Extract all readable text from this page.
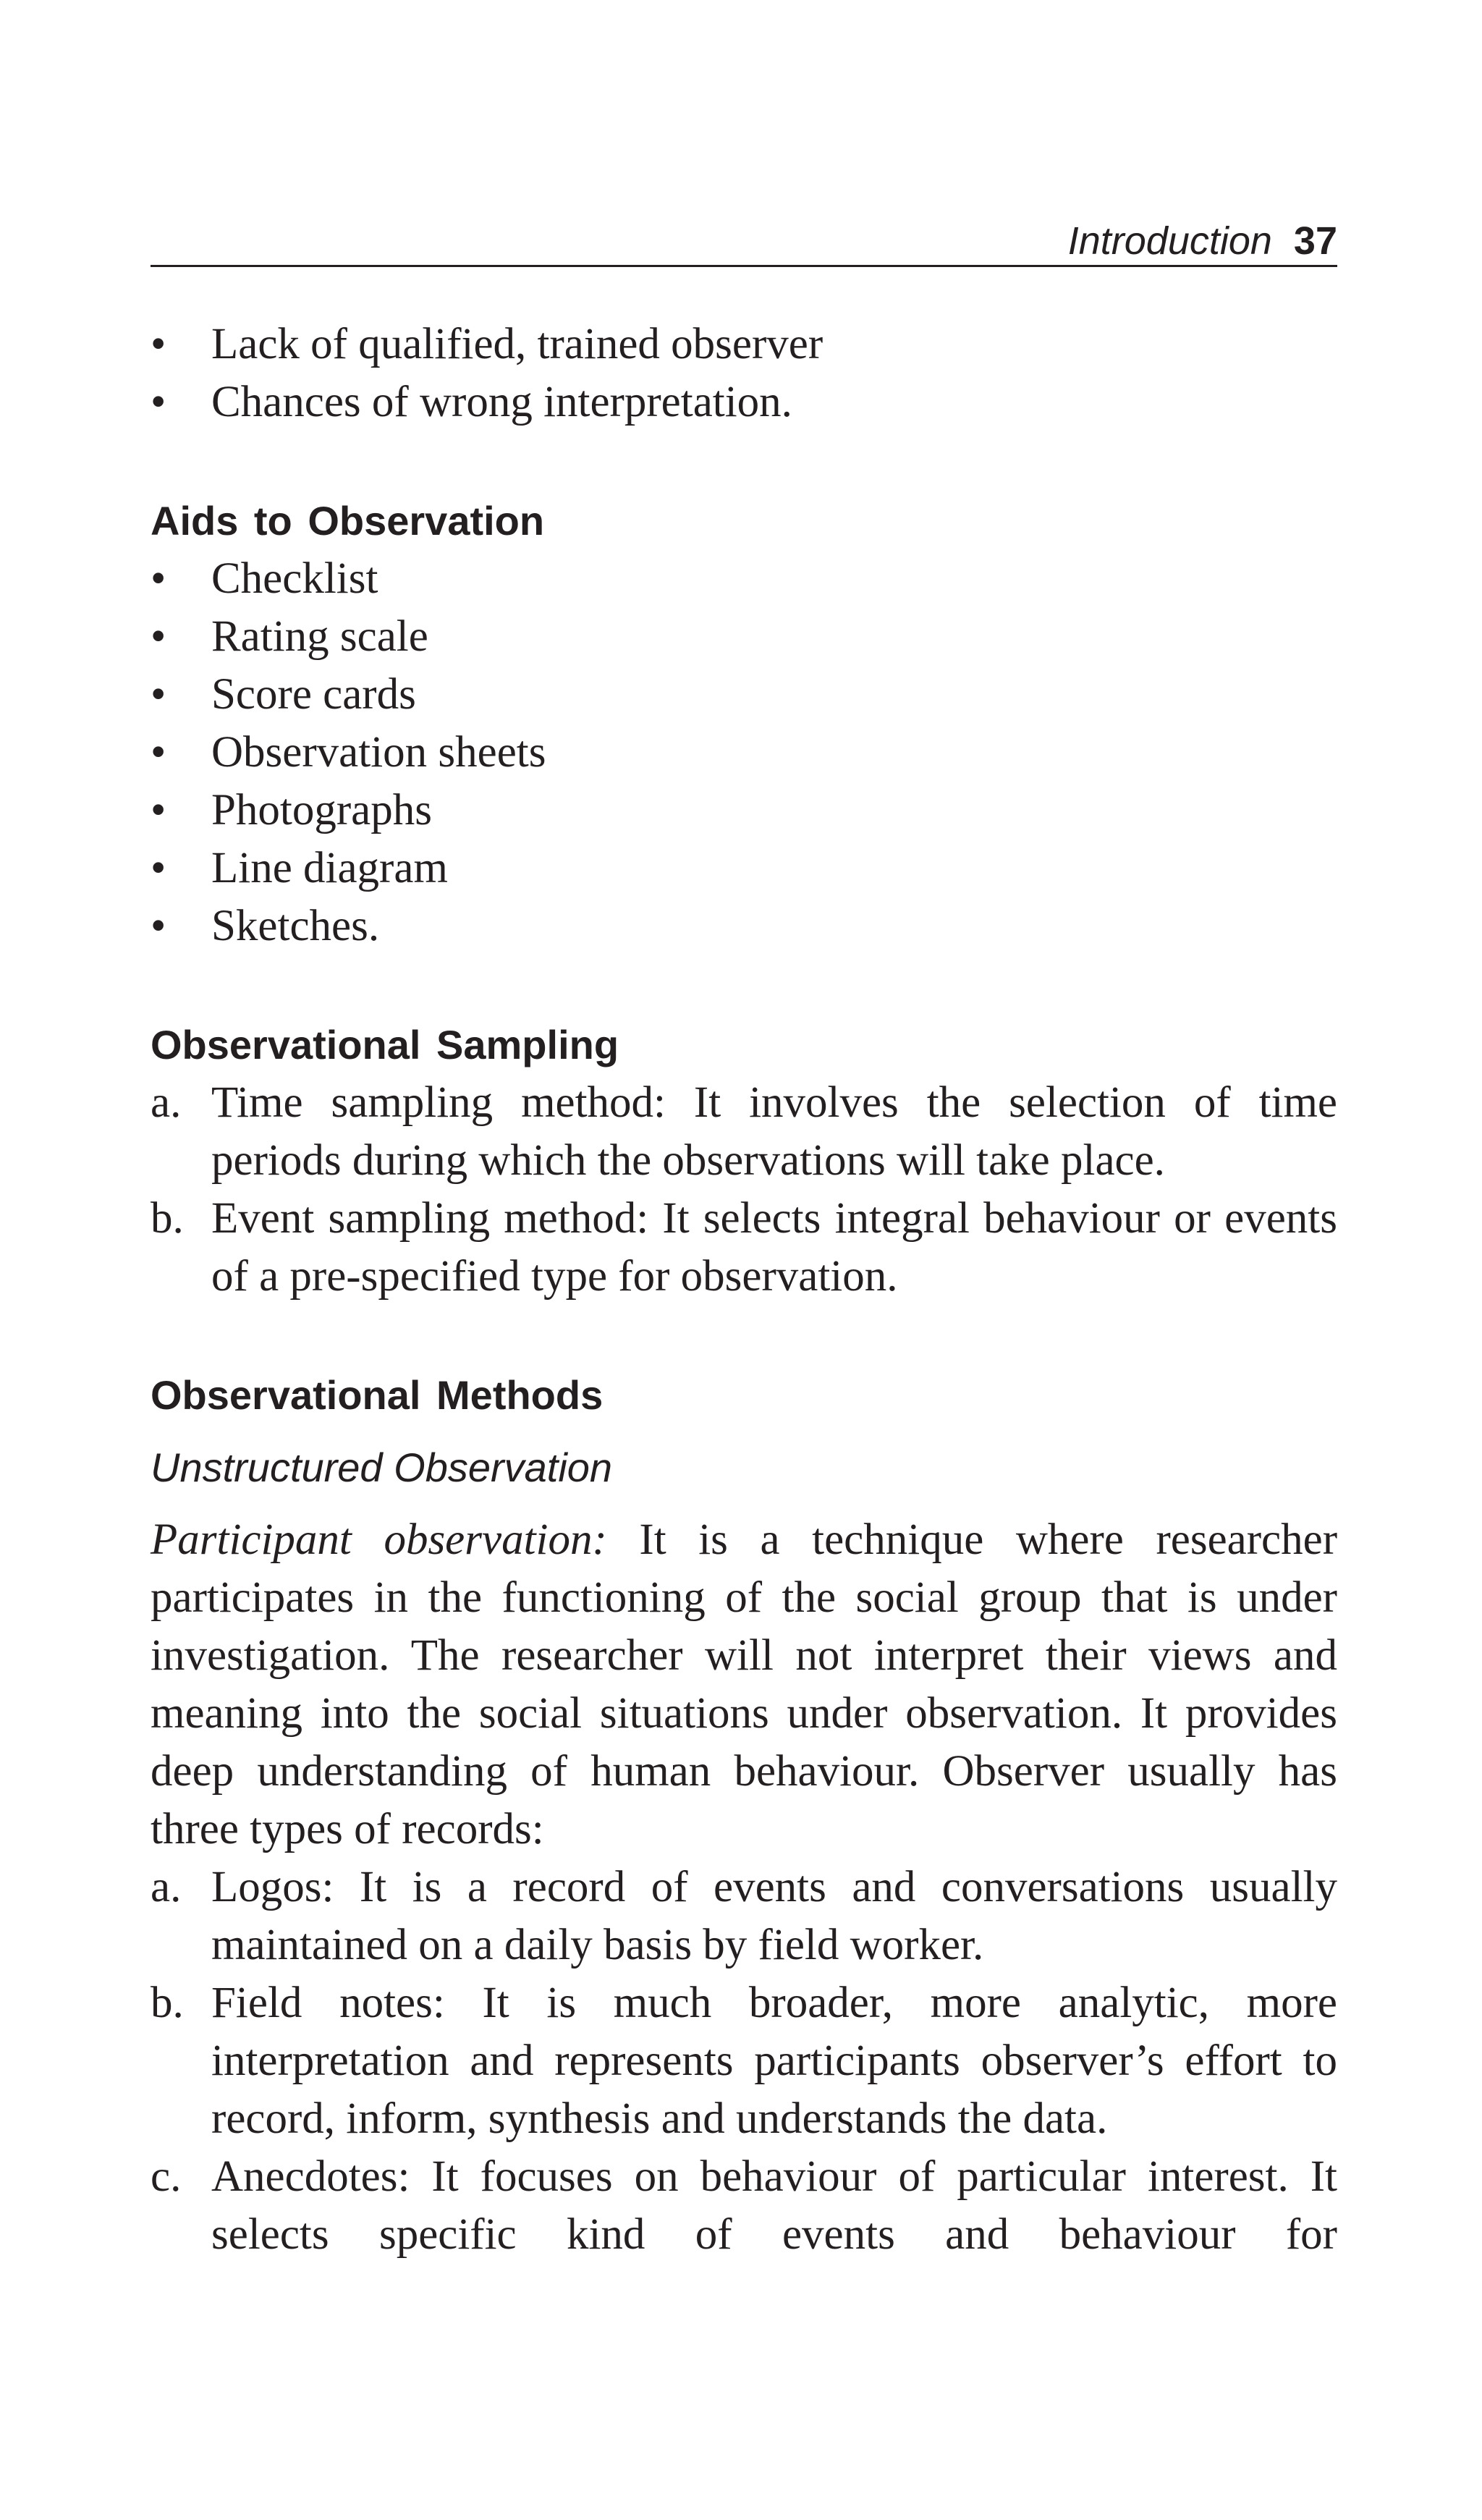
Introduction 37
• Lack of qualified, trained observer
• Chances of wrong interpretation.
Aids to Observation
• Checklist
• Rating scale
• Score cards
• Observation sheets
• Photographs
• Line diagram
• Sketches.
Observational Sampling
a. Time sampling method: It involves the selection of time periods during which the observations will take place.
b. Event sampling method: It selects integral behaviour or events of a pre-specified type for observation.
Observational Methods
Unstructured Observation

Participant observation: It is a technique where researcher participates in the functioning of the social group that is under investigation. The researcher will not interpret their views and meaning into the social situations under observation. It provides deep understanding of human behaviour. Observer usually has three types of records:

a. Logos: It is a record of events and conversations usually maintained on a daily basis by field worker.
b. Field notes: It is much broader, more analytic, more interpretation and represents participants observer’s effort to record, inform, synthesis and understands the data.
c. Anecdotes: It focuses on behaviour of particular interest. It selects specific kind of events and behaviour for
